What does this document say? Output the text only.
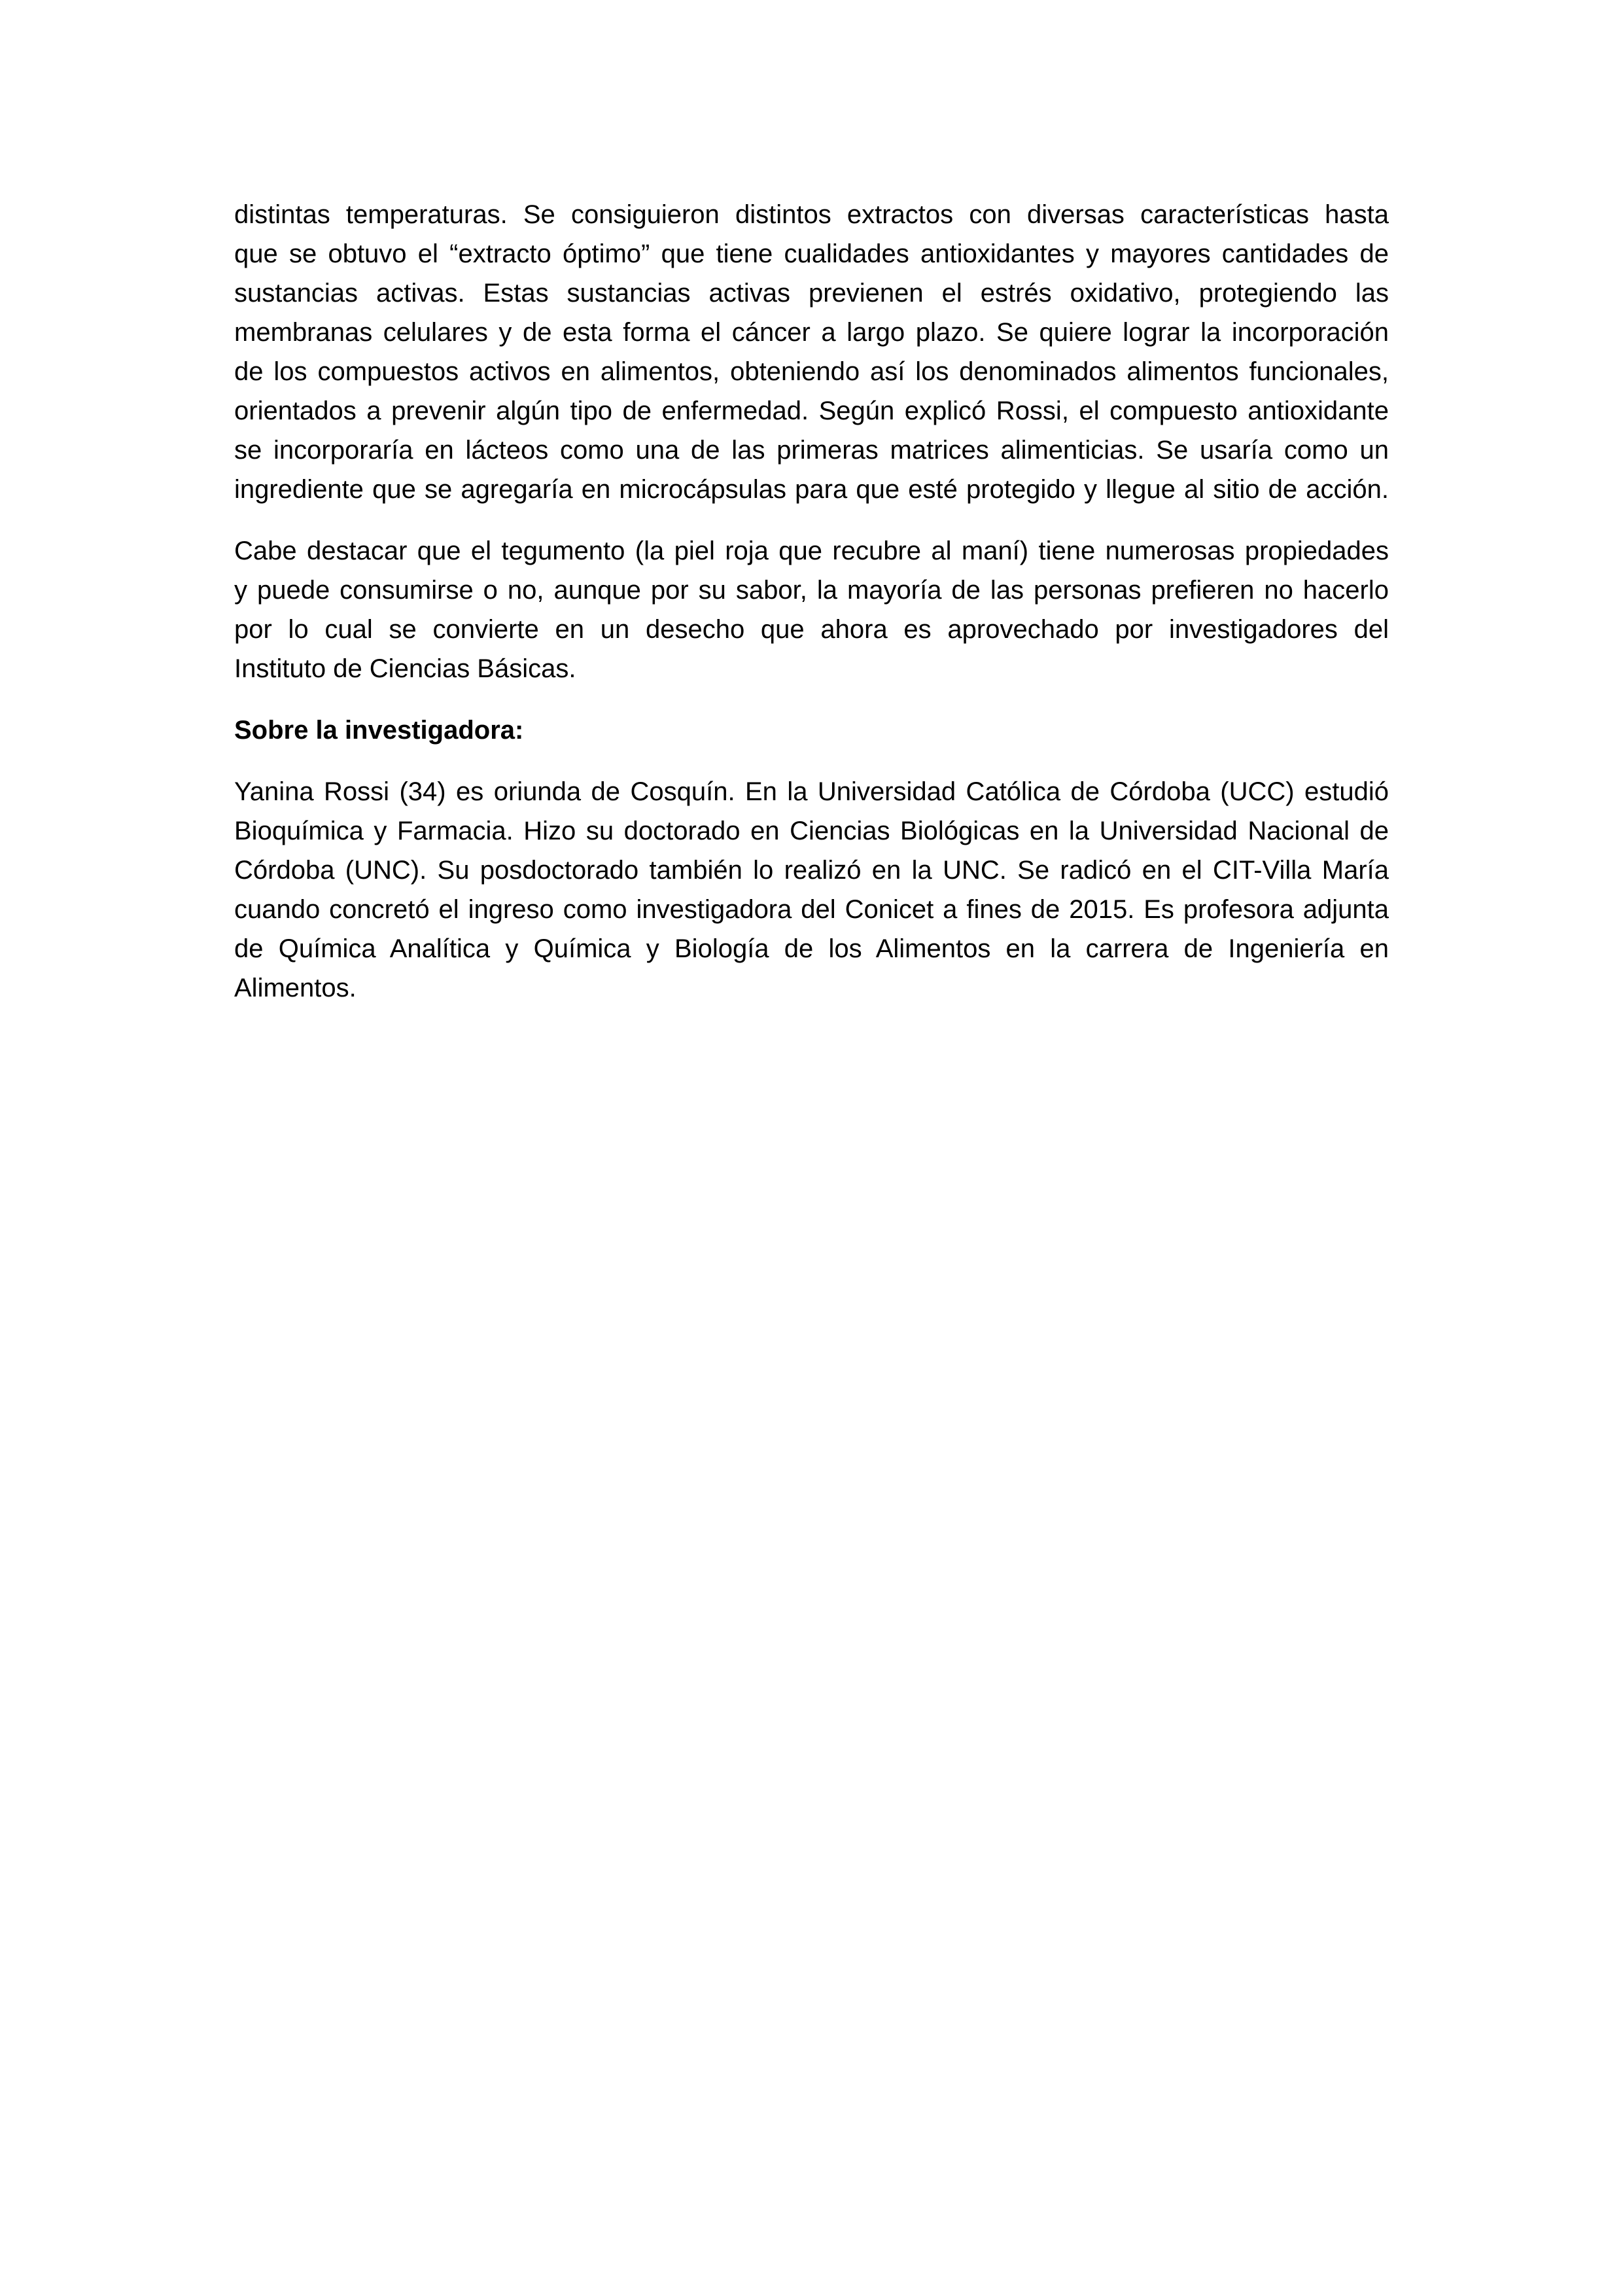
distintas temperaturas. Se consiguieron distintos extractos con diversas características hasta
que se obtuvo el “extracto óptimo” que tiene cualidades antioxidantes y mayores cantidades de
sustancias activas. Estas sustancias activas previenen el estrés oxidativo, protegiendo las
membranas celulares y de esta forma el cáncer a largo plazo. Se quiere lograr la incorporación
de los compuestos activos en alimentos, obteniendo así los denominados alimentos funcionales,
orientados a prevenir algún tipo de enfermedad. Según explicó Rossi, el compuesto antioxidante
se incorporaría en lácteos como una de las primeras matrices alimenticias. Se usaría como un
ingrediente que se agregaría en microcápsulas para que esté protegido y llegue al sitio de acción.
Cabe destacar que el tegumento (la piel roja que recubre al maní) tiene numerosas propiedades
y puede consumirse o no, aunque por su sabor, la mayoría de las personas prefieren no hacerlo
por lo cual se convierte en un desecho que ahora es aprovechado por investigadores del
Instituto de Ciencias Básicas.
Sobre la investigadora:
Yanina Rossi (34) es oriunda de Cosquín. En la Universidad Católica de Córdoba (UCC) estudió
Bioquímica y Farmacia. Hizo su doctorado en Ciencias Biológicas en la Universidad Nacional de
Córdoba (UNC). Su posdoctorado también lo realizó en la UNC. Se radicó en el CIT-Villa María
cuando concretó el ingreso como investigadora del Conicet a fines de 2015. Es profesora adjunta
de Química Analítica y Química y Biología de los Alimentos en la carrera de Ingeniería en
Alimentos.
